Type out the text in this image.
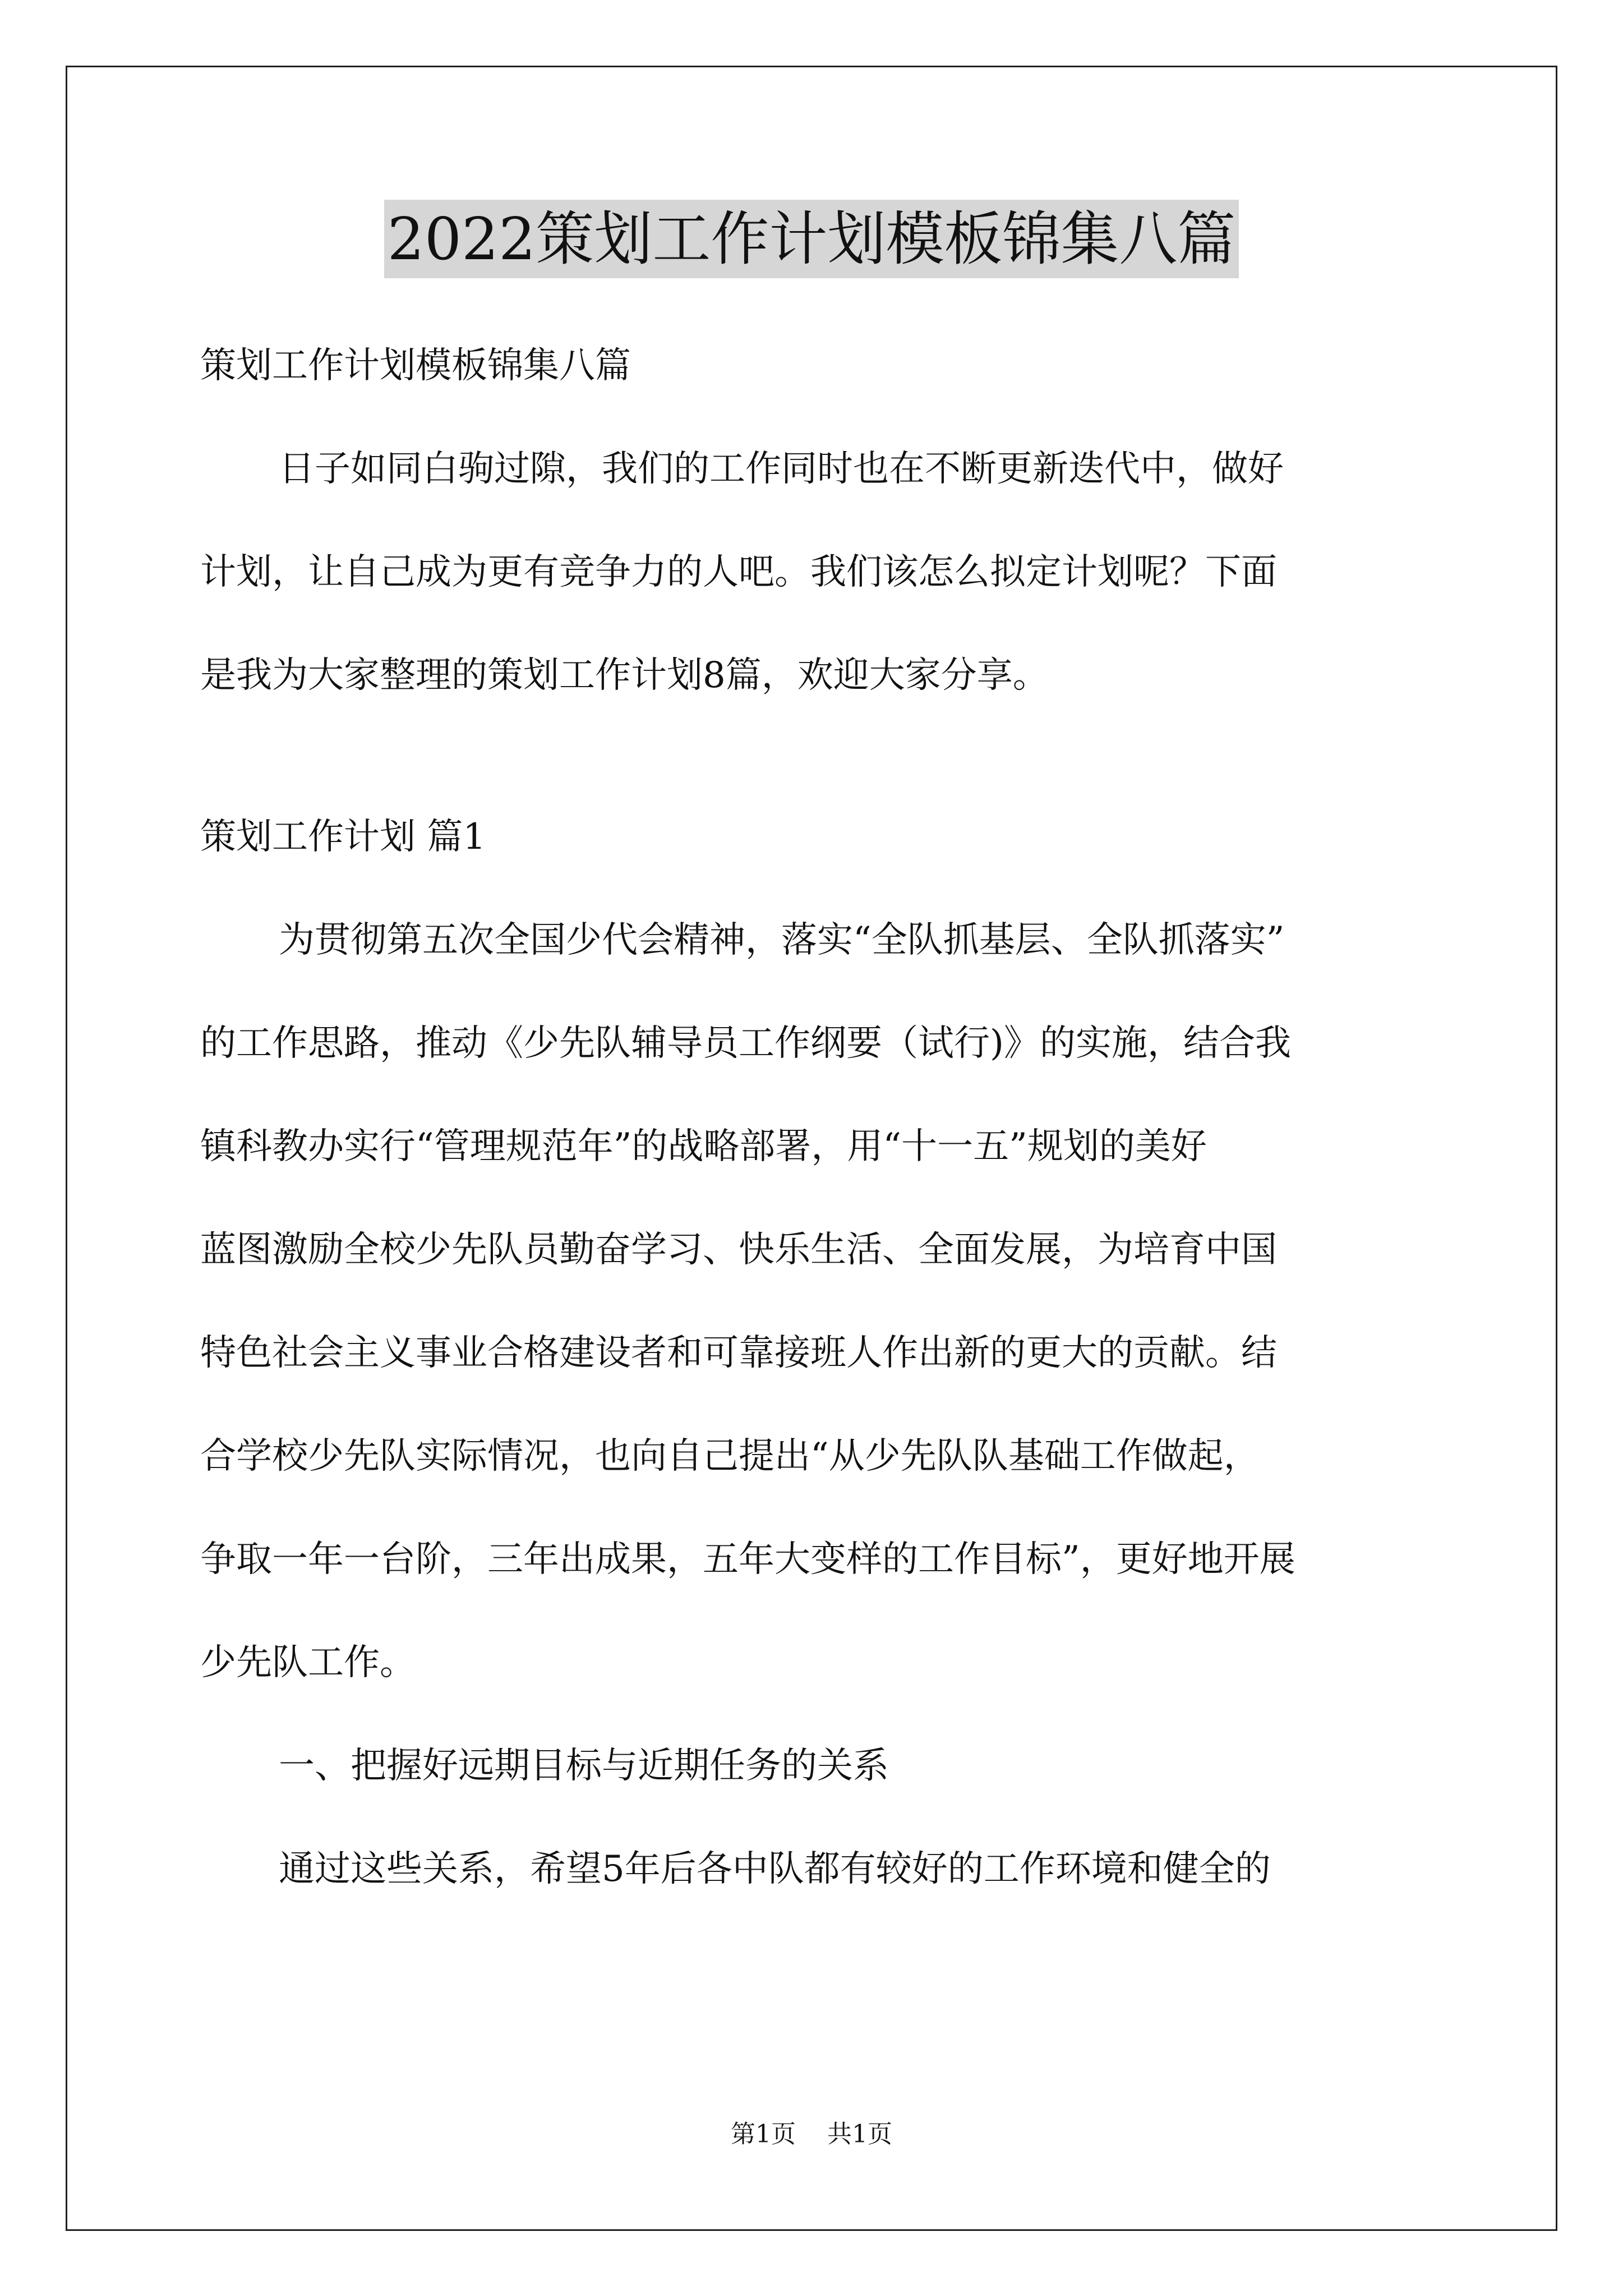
2022策划工作计划模板锦集八篇
策划工作计划模板锦集八篇
日子如同白驹过隙，我们的工作同时也在不断更新迭代中，做好
计划，让自己成为更有竞争力的人吧。我们该怎么拟定计划呢？下面
是我为大家整理的策划工作计划8篇，欢迎大家分享。
策划工作计划 篇1
为贯彻第五次全国少代会精神，落实“全队抓基层、全队抓落实”
的工作思路，推动《少先队辅导员工作纲要（试行)》的实施，结合我
镇科教办实行“管理规范年”的战略部署，用“十一五”规划的美好
蓝图激励全校少先队员勤奋学习、快乐生活、全面发展，为培育中国
特色社会主义事业合格建设者和可靠接班人作出新的更大的贡献。结
合学校少先队实际情况，也向自己提出“从少先队队基础工作做起，
争取一年一台阶，三年出成果，五年大变样的工作目标”，更好地开展
少先队工作。
一、把握好远期目标与近期任务的关系
通过这些关系，希望5年后各中队都有较好的工作环境和健全的
第1页 共1页
